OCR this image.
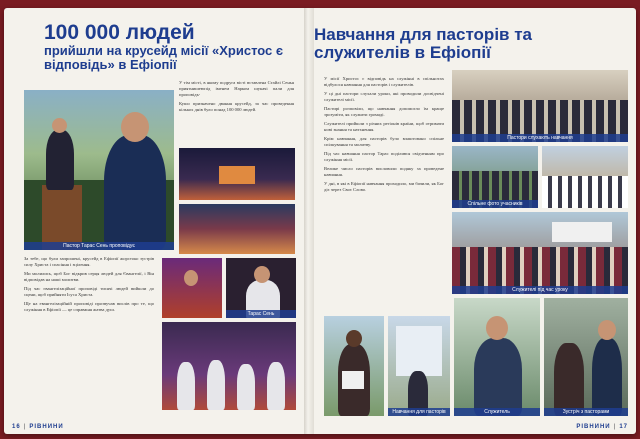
100 000 людей
прийшли на крусейд місії «Христос є відповідь» в Ефіопії
Пастор Тарас Сень проповідує
У тім місті, в якому подруга вісті вставлена Стайлі Сенья приятнишеюпід іменем Нарком шукачі пали для проповідь-
Кушо призначено двання крусейд, за час проведення кількох днів було понад 100 000 людей.
За тебе, що були запрошені, крусейд в Ефіопії жорстоко зустрів силу Христа і спасіння і зцілення.
Ми молились, щоб Бог відкрив серця людей для Євангелії, і Він відповідав на наші молитви.
Під час євангелізаційної проповіді тисячі людей вийшли до сцени, щоб прийняти Ісуса Христа.
Ще на евангелізаційній проповіді прозвучав вислів про те, що служіння в Ефіопії — це справжня жатва душ.
Тарас Сень
16 | РІВНИНИ
Навчання для пасторів та служителів в Ефіопії
У місії Христос є відповідь на служінні в спільнотах відбулося навчання для пасторів і служителів.
У ці дні пастори слухали уроки, які проводили досвідчені служителі місії.
Пастирі розповіли, що навчання допомогло їм краще зрозуміти, як служити громаді.
Служителі прийшли з різних регіонів країни, щоб отримати нові знання та натхнення.
Крім навчання, для пасторів було влаштовано спільне спілкування та молитву.
Під час навчання пастор Тарас поділився свідченням про служіння місії.
Велике число пасторів висловили подяку за проведене навчання.
У дні, в які в Ефіопії навчання проходило, ми бачили, як Бог діє через Своє Слово.
Пастори слухають навчання
Спільне фото учасників
Служителі під час уроку
Навчання для пасторів	Служитель	Зустріч з пасторами
РІВНИНИ | 17
